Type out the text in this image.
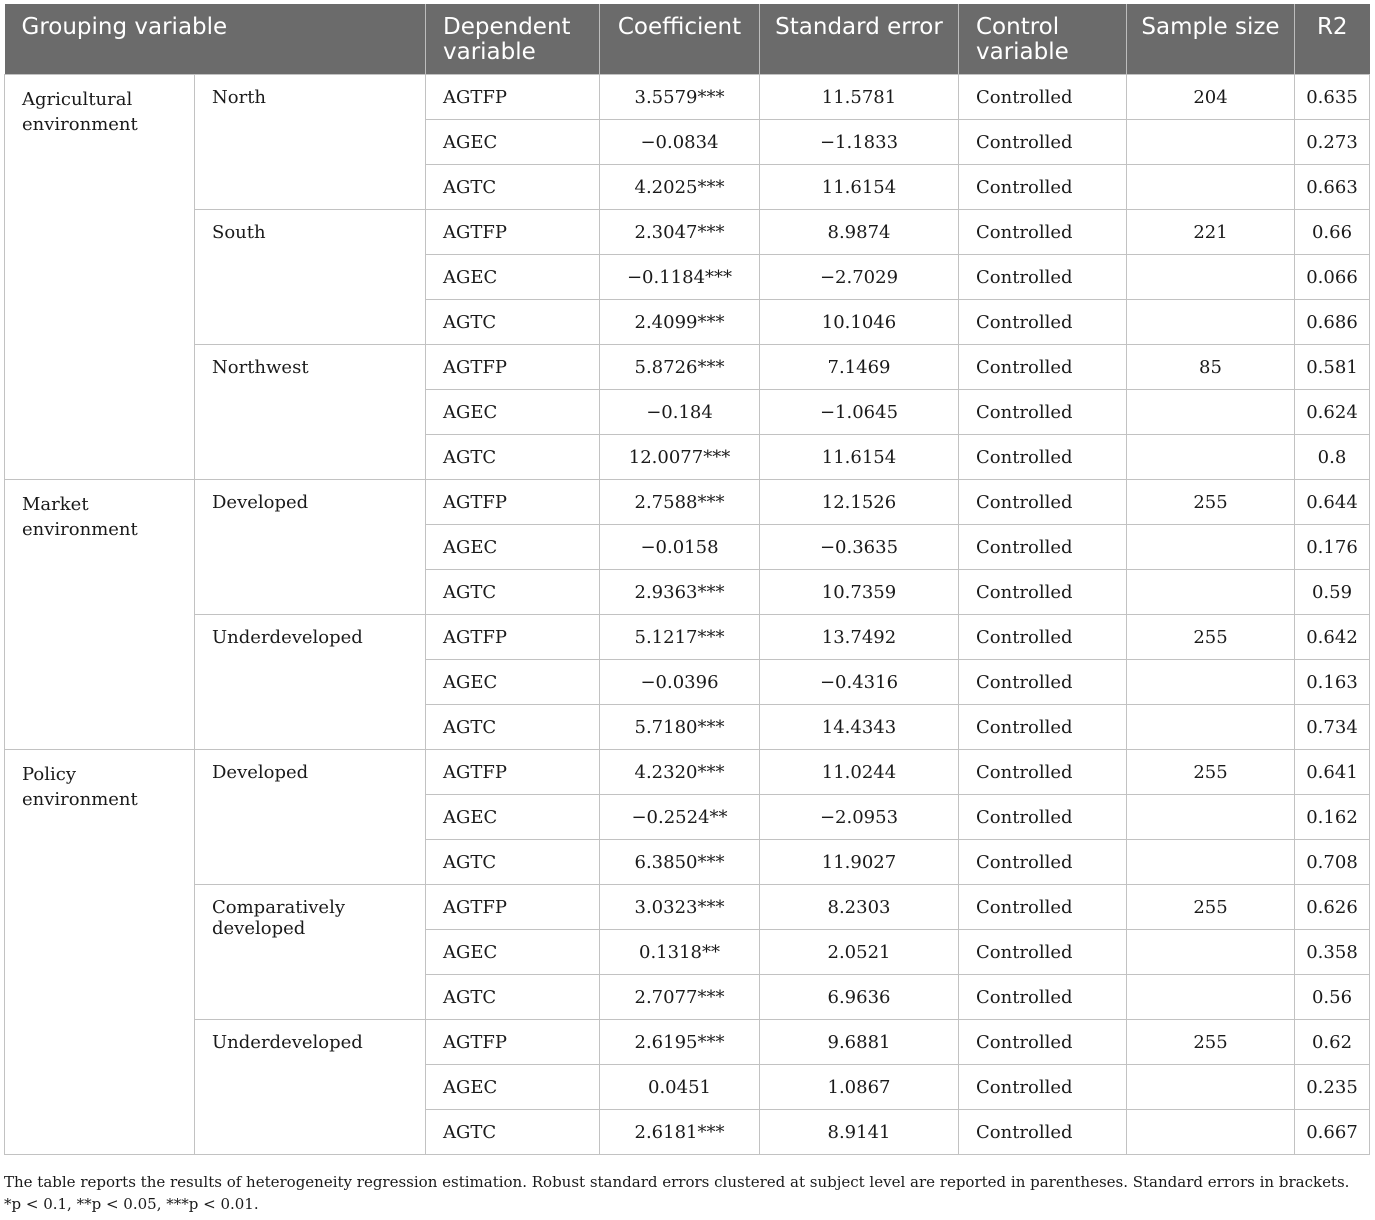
Grouping variable		Dependent variable	Coefficient	Standard error	Control variable	Sample size	R2
Agricultural environment	North	AGTFP	3.5579***	11.5781	Controlled	204	0.635
		AGEC	−0.0834	−1.1833	Controlled		0.273
		AGTC	4.2025***	11.6154	Controlled		0.663
	South	AGTFP	2.3047***	8.9874	Controlled	221	0.66
		AGEC	−0.1184***	−2.7029	Controlled		0.066
		AGTC	2.4099***	10.1046	Controlled		0.686
	Northwest	AGTFP	5.8726***	7.1469	Controlled	85	0.581
		AGEC	−0.184	−1.0645	Controlled		0.624
		AGTC	12.0077***	11.6154	Controlled		0.8
Market environment	Developed	AGTFP	2.7588***	12.1526	Controlled	255	0.644
		AGEC	−0.0158	−0.3635	Controlled		0.176
		AGTC	2.9363***	10.7359	Controlled		0.59
	Underdeveloped	AGTFP	5.1217***	13.7492	Controlled	255	0.642
		AGEC	−0.0396	−0.4316	Controlled		0.163
		AGTC	5.7180***	14.4343	Controlled		0.734
Policy environment	Developed	AGTFP	4.2320***	11.0244	Controlled	255	0.641
		AGEC	−0.2524**	−2.0953	Controlled		0.162
		AGTC	6.3850***	11.9027	Controlled		0.708
	Comparatively developed	AGTFP	3.0323***	8.2303	Controlled	255	0.626
		AGEC	0.1318**	2.0521	Controlled		0.358
		AGTC	2.7077***	6.9636	Controlled		0.56
	Underdeveloped	AGTFP	2.6195***	9.6881	Controlled	255	0.62
		AGEC	0.0451	1.0867	Controlled		0.235
		AGTC	2.6181***	8.9141	Controlled		0.667
The table reports the results of heterogeneity regression estimation. Robust standard errors clustered at subject level are reported in parentheses. Standard errors in brackets. *p < 0.1, **p < 0.05, ***p < 0.01.
